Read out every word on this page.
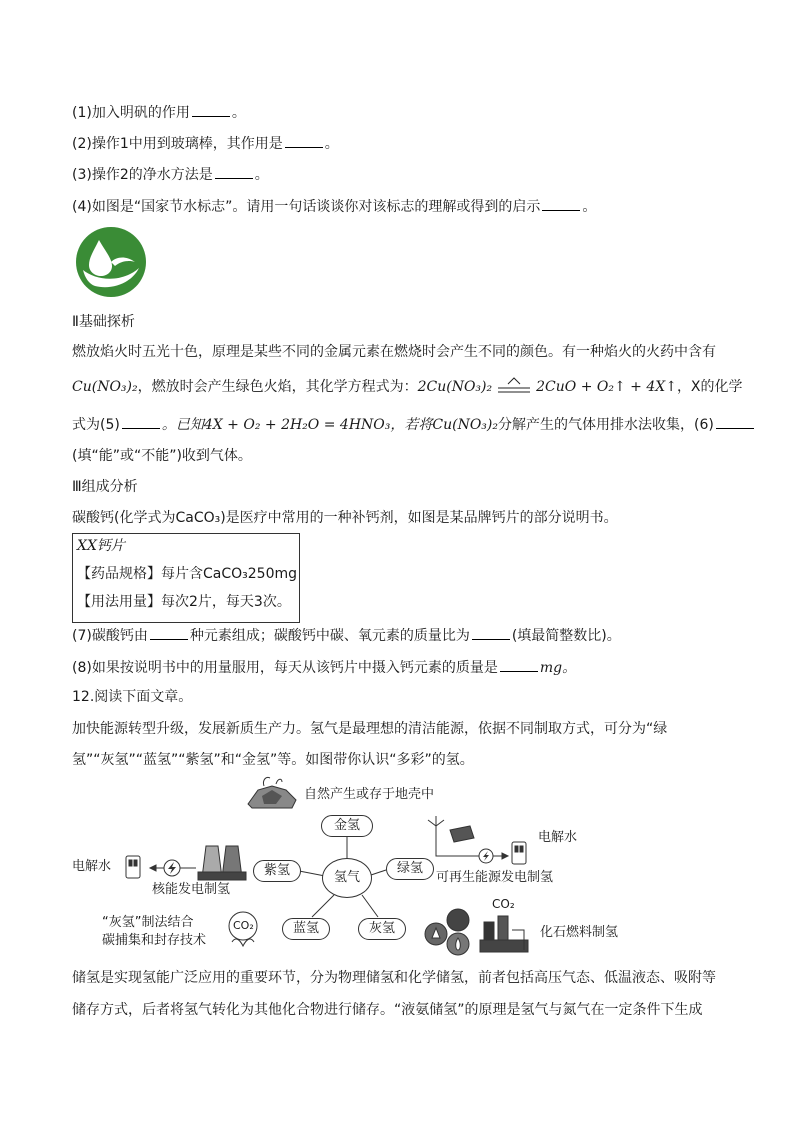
(1)加入明矾的作用	。
(2)操作1中用到玻璃棒，其作用是	。
(3)操作2的净水方法是	。
(4)如图是“国家节水标志”。请用一句话谈谈你对该标志的理解或得到的启示	。
Ⅱ基础探析
燃放焰火时五光十色，原理是某些不同的金属元素在燃烧时会产生不同的颜色。有一种焰火的火药中含有
Cu(NO₃)₂，燃放时会产生绿色火焰，其化学方程式为：2Cu(NO₃)₂	2CuO + O₂↑ + 4X↑，X的化学
式为(5)	。已知4X + O₂ + 2H₂O = 4HNO₃，若将Cu(NO₃)₂分解产生的气体用排水法收集，(6)
(填“能”或“不能”)收到气体。
Ⅲ组成分析
碳酸钙(化学式为CaCO₃)是医疗中常用的一种补钙剂，如图是某品牌钙片的部分说明书。
XX钙片
【药品规格】每片含CaCO₃250mg
【用法用量】每次2片，每天3次。
(7)碳酸钙由	种元素组成；碳酸钙中碳、氧元素的质量比为	(填最简整数比)。
(8)如果按说明书中的用量服用，每天从该钙片中摄入钙元素的质量是	mg。
12.阅读下面文章。
加快能源转型升级，发展新质生产力。氢气是最理想的清洁能源，依据不同制取方式，可分为“绿
氢”“灰氢”“蓝氢”“紫氢”和“金氢”等。如图带你认识“多彩”的氢。
自然产生或存于地壳中
金氢
紫氢	氢气
绿氢
蓝氢	灰氢
电解水
核能发电制氢
电解水
可再生能源发电制氢
“灰氢”制法结合
碳捕集和封存技术
CO₂
CO₂
化石燃料制氢
储氢是实现氢能广泛应用的重要环节，分为物理储氢和化学储氢，前者包括高压气态、低温液态、吸附等
储存方式，后者将氢气转化为其他化合物进行储存。“液氨储氢”的原理是氢气与氮气在一定条件下生成
